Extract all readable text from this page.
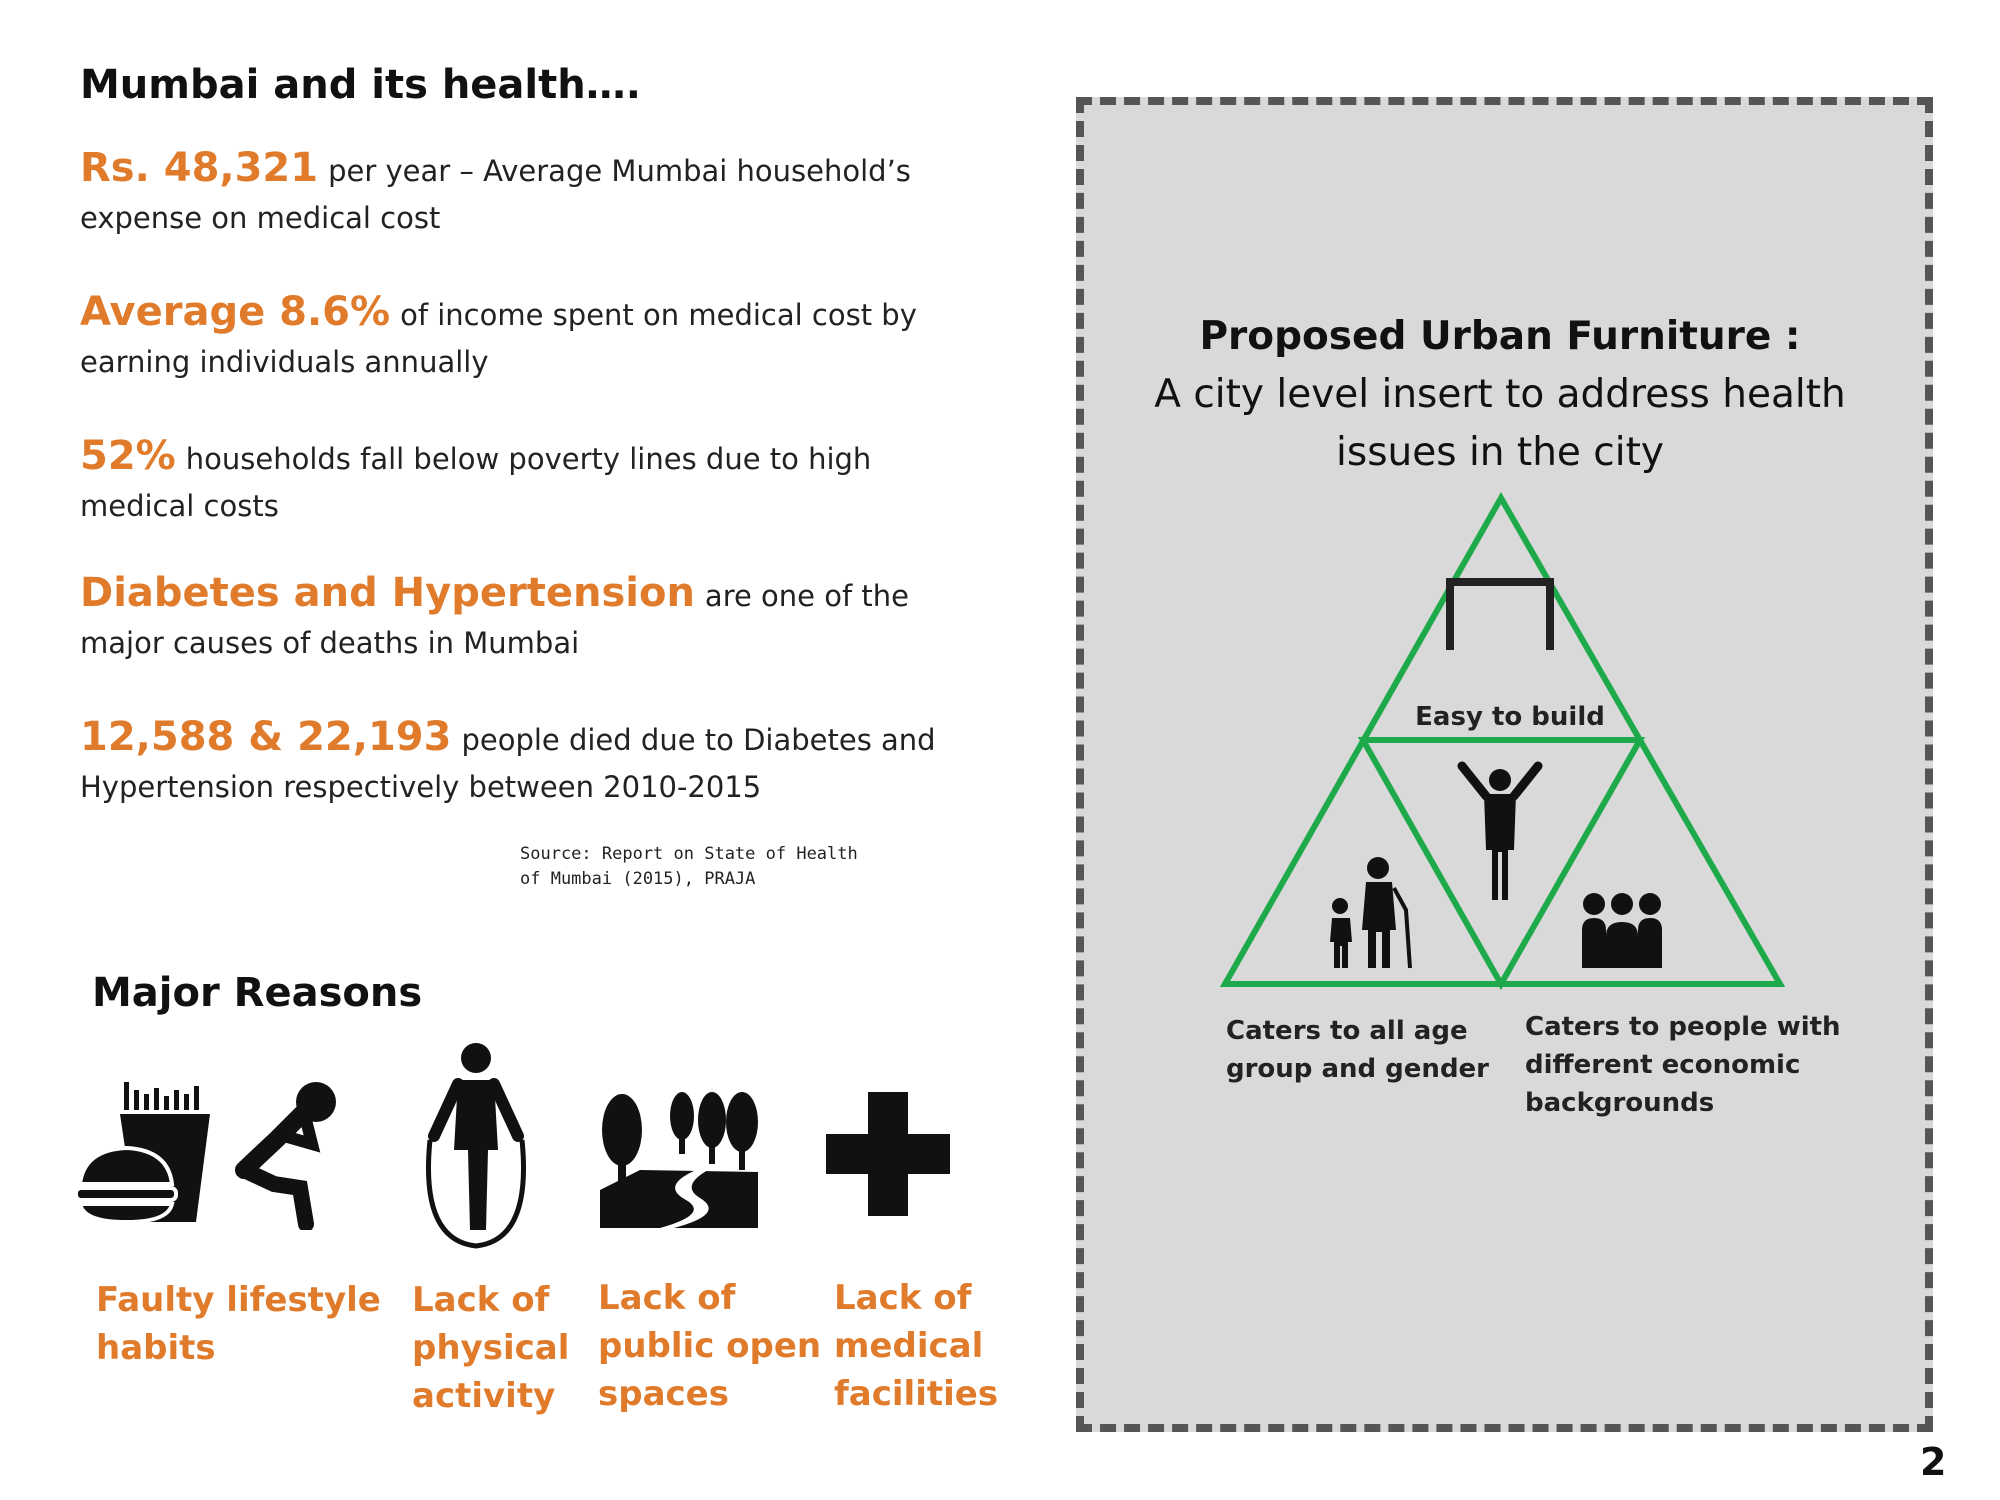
Mumbai and its health….
Rs. 48,321 per year – Average Mumbai household’s expense on medical cost
Average 8.6% of income spent on medical cost by earning individuals annually
52% households fall below poverty lines due to high medical costs
Diabetes and Hypertension are one of the major causes of deaths in Mumbai
12,588 & 22,193 people died due to Diabetes and Hypertension respectively between 2010-2015
Source: Report on State of Health of Mumbai (2015), PRAJA
Major Reasons
Faulty lifestyle
habits
Lack of
physical
activity
Lack of
public open
spaces
Lack of
medical
facilities
Proposed Urban Furniture :
A city level insert to address health issues in the city
Easy to build
Caters to all age group and gender
Caters to people with different economic backgrounds
2
